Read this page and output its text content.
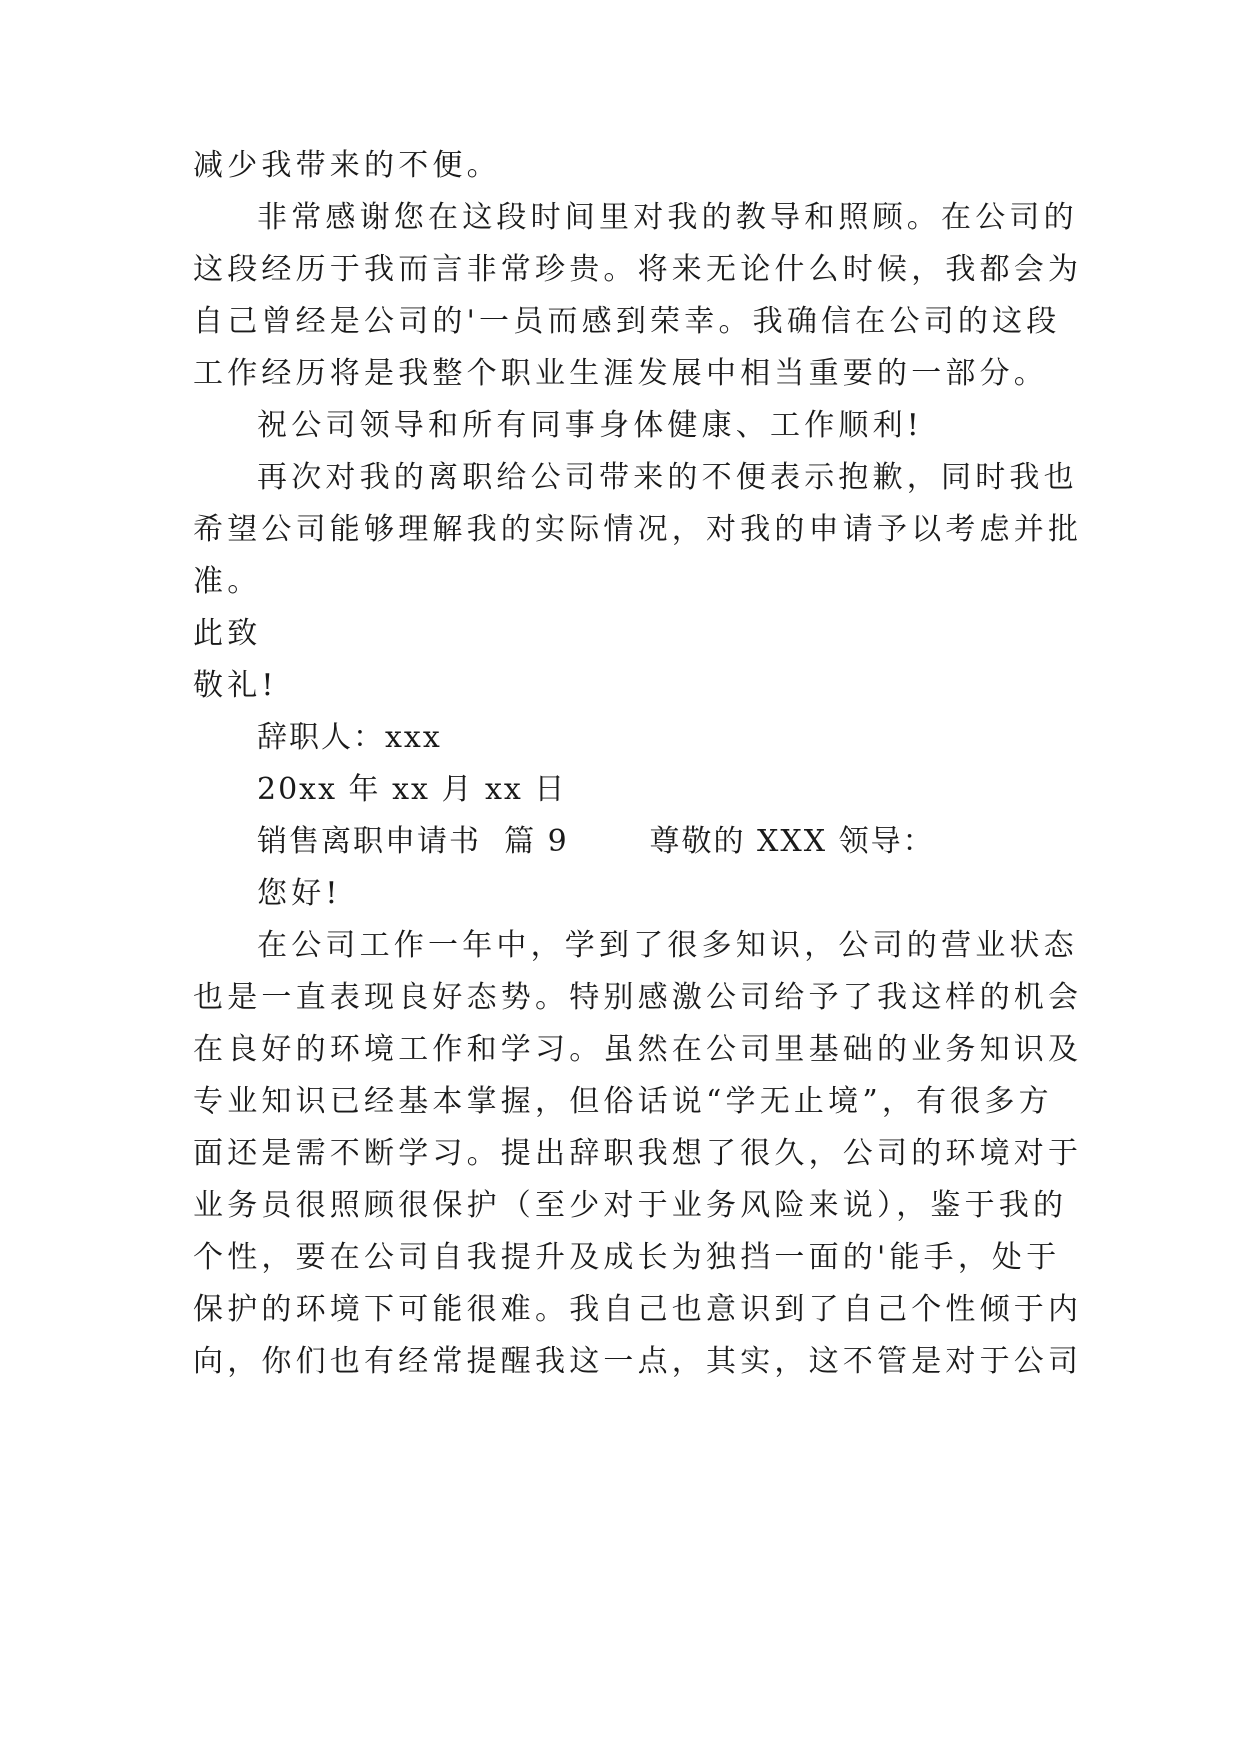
减少我带来的不便。
非常感谢您在这段时间里对我的教导和照顾。在公司的
这段经历于我而言非常珍贵。将来无论什么时候，我都会为
自己曾经是公司的'一员而感到荣幸。我确信在公司的这段
工作经历将是我整个职业生涯发展中相当重要的一部分。
祝公司领导和所有同事身体健康、工作顺利!
再次对我的离职给公司带来的不便表示抱歉，同时我也
希望公司能够理解我的实际情况，对我的申请予以考虑并批
准。
此致
敬礼!
辞职人：xxx
20xx 年 xx 月 xx 日
销售离职申请书  篇 9       尊敬的 XXX 领导：
您好!
在公司工作一年中，学到了很多知识，公司的营业状态
也是一直表现良好态势。特别感激公司给予了我这样的机会
在良好的环境工作和学习。虽然在公司里基础的业务知识及
专业知识已经基本掌握，但俗话说“学无止境”，有很多方
面还是需不断学习。提出辞职我想了很久，公司的环境对于
业务员很照顾很保护（至少对于业务风险来说），鉴于我的
个性，要在公司自我提升及成长为独挡一面的'能手，处于
保护的环境下可能很难。我自己也意识到了自己个性倾于内
向，你们也有经常提醒我这一点，其实，这不管是对于公司
